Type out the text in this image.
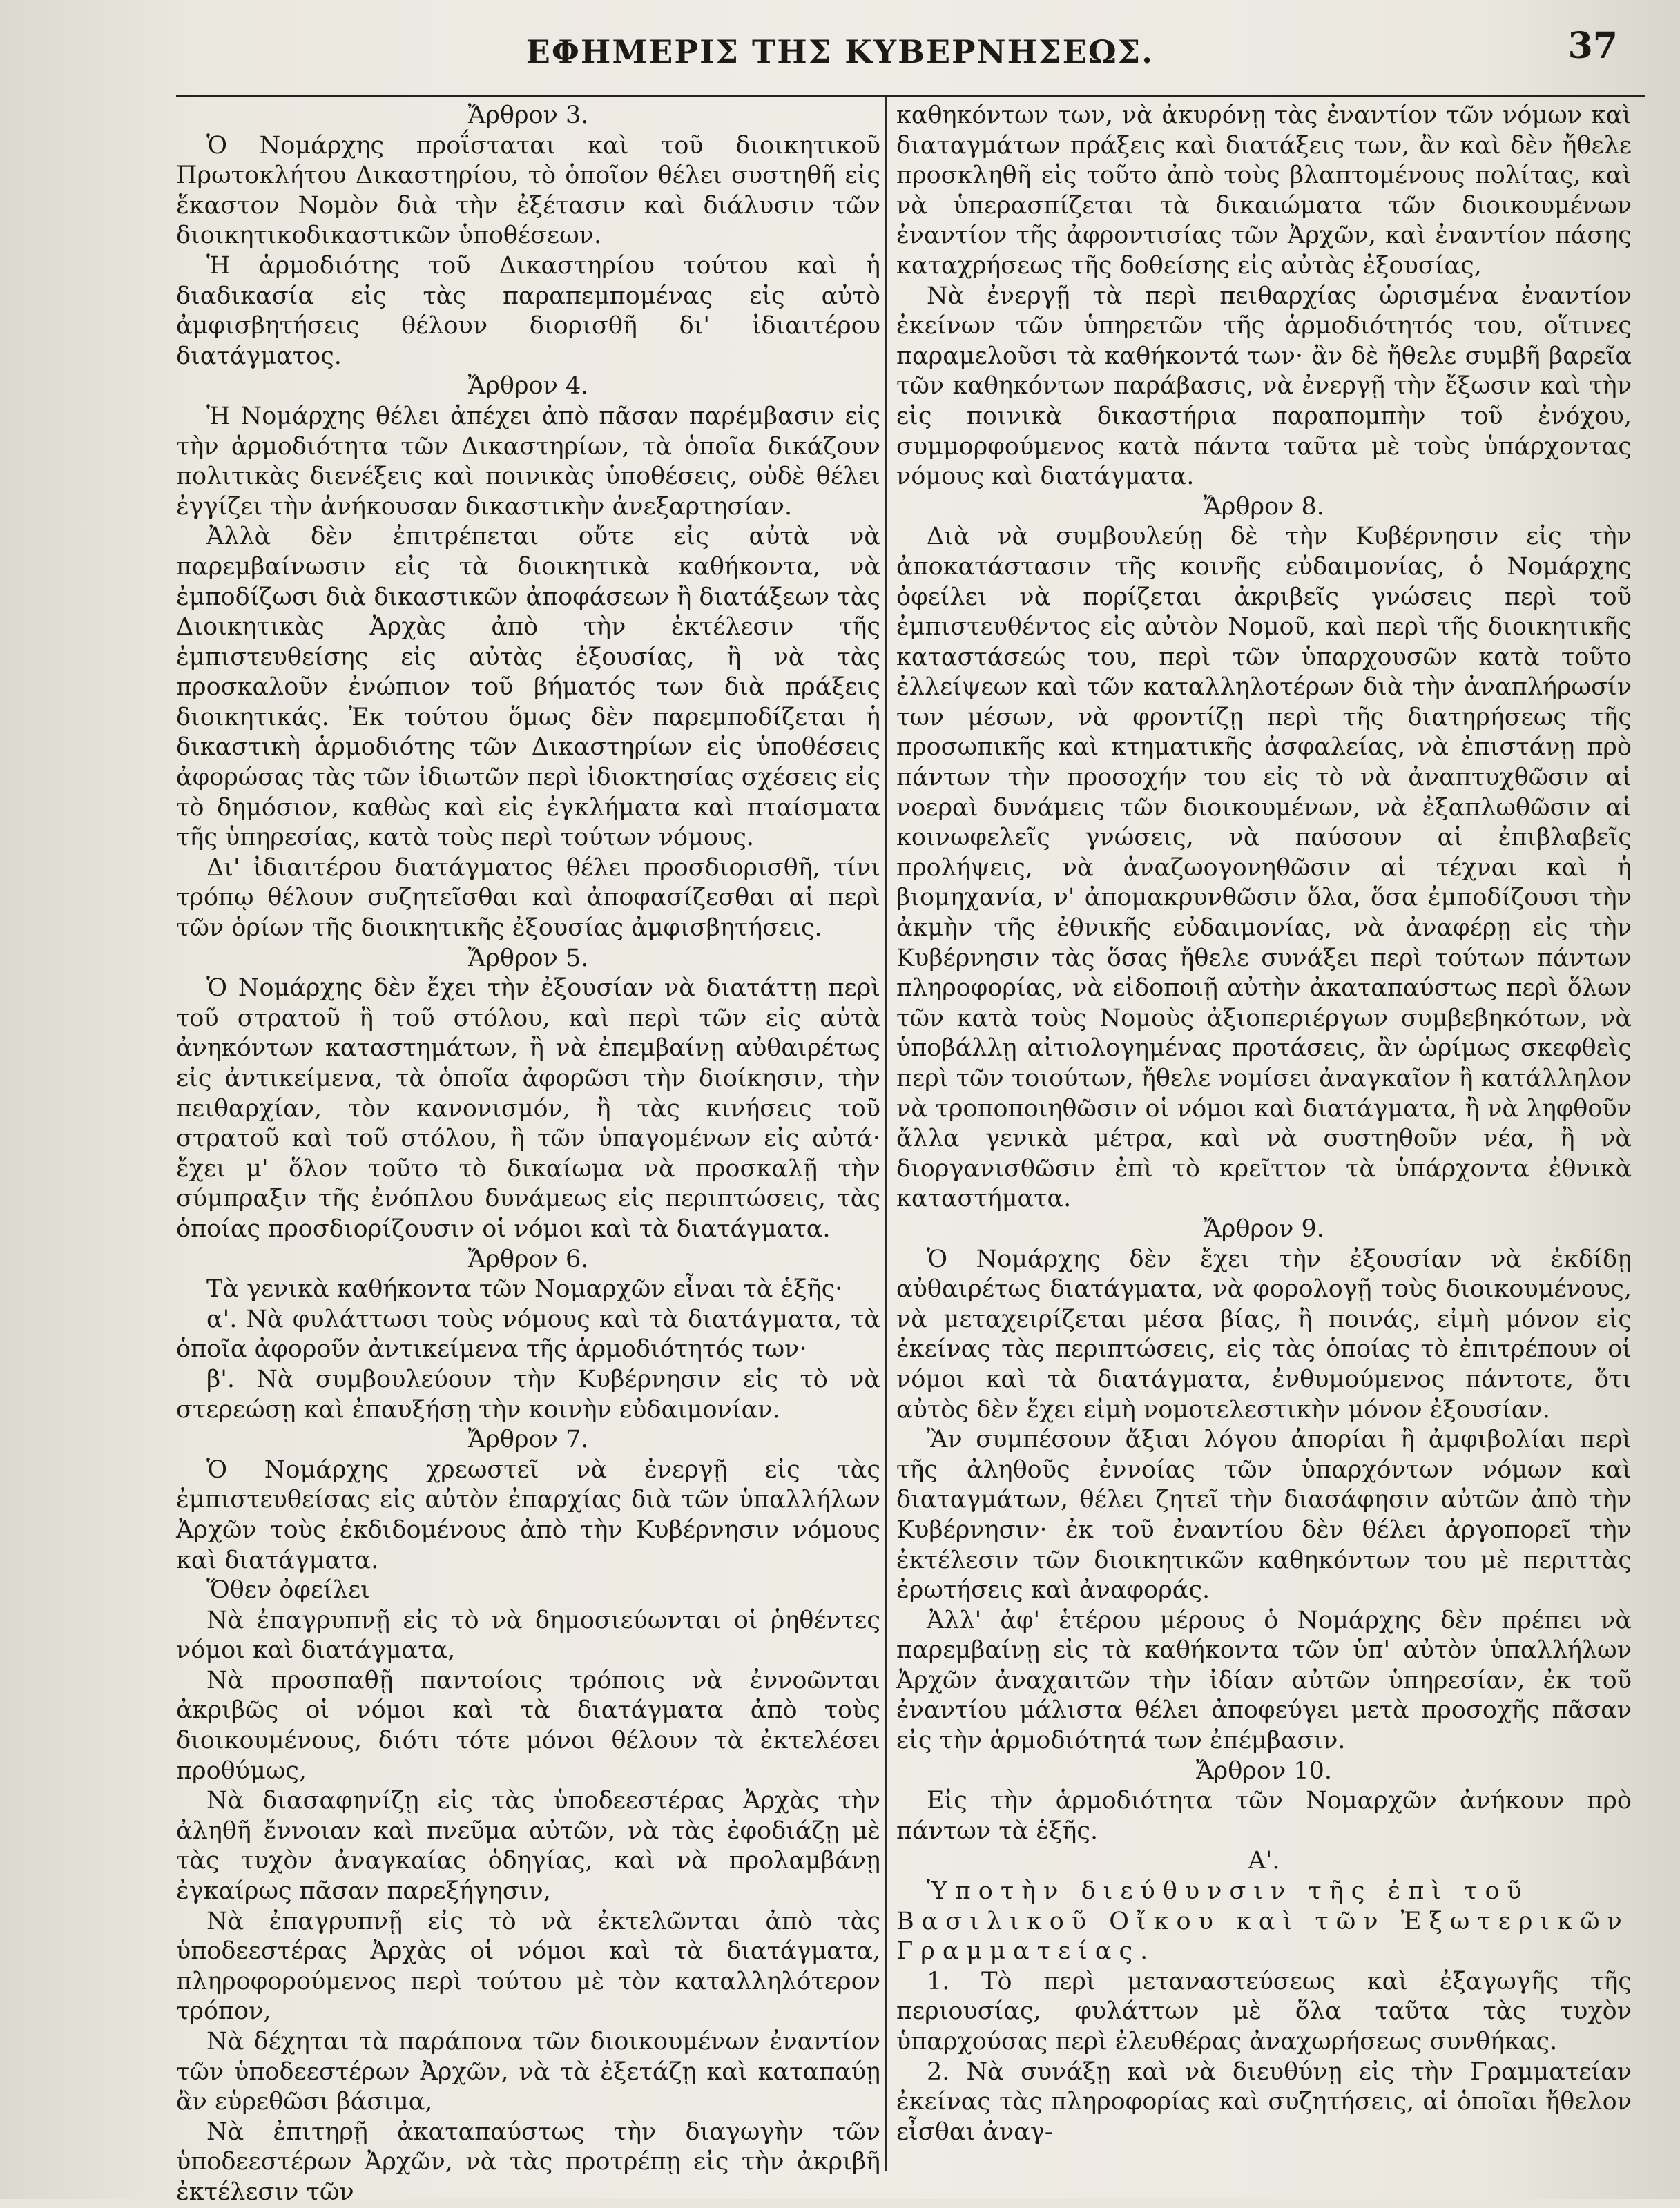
ΕΦΗΜΕΡΙΣ ΤΗΣ ΚΥΒΕΡΝΗΣΕΩΣ.	37

Ἄρθρον 3.

Ὁ Νομάρχης προΐσταται καὶ τοῦ διοικητικοῦ Πρωτοκλήτου Δικαστηρίου, τὸ ὁποῖον θέλει συστηθῆ εἰς ἕκαστον Νομὸν διὰ τὴν ἐξέτασιν καὶ διάλυσιν τῶν διοικητικοδικαστικῶν ὑποθέσεων.

Ἡ ἁρμοδιότης τοῦ Δικαστηρίου τούτου καὶ ἡ διαδικασία εἰς τὰς παραπεμπομένας εἰς αὐτὸ ἀμφισβητήσεις θέλουν διορισθῆ δι' ἰδιαιτέρου διατάγματος.

Ἄρθρον 4.

Ἡ Νομάρχης θέλει ἀπέχει ἀπὸ πᾶσαν παρέμβασιν εἰς τὴν ἁρμοδιότητα τῶν Δικαστηρίων, τὰ ὁποῖα δικάζουν πολιτικὰς διενέξεις καὶ ποινικὰς ὑποθέσεις, οὐδὲ θέλει ἐγγίζει τὴν ἀνήκουσαν δικαστικὴν ἀνεξαρτησίαν.

Ἀλλὰ δὲν ἐπιτρέπεται οὔτε εἰς αὐτὰ νὰ παρεμβαίνωσιν εἰς τὰ διοικητικὰ καθήκοντα, νὰ ἐμποδίζωσι διὰ δικαστικῶν ἀποφάσεων ἢ διατάξεων τὰς Διοικητικὰς Ἀρχὰς ἀπὸ τὴν ἐκτέλεσιν τῆς ἐμπιστευθείσης εἰς αὐτὰς ἐξουσίας, ἢ νὰ τὰς προσκαλοῦν ἐνώπιον τοῦ βήματός των διὰ πράξεις διοικητικάς. Ἐκ τούτου ὅμως δὲν παρεμποδίζεται ἡ δικαστικὴ ἁρμοδιότης τῶν Δικαστηρίων εἰς ὑποθέσεις ἀφορώσας τὰς τῶν ἰδιωτῶν περὶ ἰδιοκτησίας σχέσεις εἰς τὸ δημόσιον, καθὼς καὶ εἰς ἐγκλήματα καὶ πταίσματα τῆς ὑπηρεσίας, κατὰ τοὺς περὶ τούτων νόμους.

Δι' ἰδιαιτέρου διατάγματος θέλει προσδιορισθῆ, τίνι τρόπῳ θέλουν συζητεῖσθαι καὶ ἀποφασίζεσθαι αἱ περὶ τῶν ὁρίων τῆς διοικητικῆς ἐξουσίας ἀμφισβητήσεις.

Ἄρθρον 5.

Ὁ Νομάρχης δὲν ἔχει τὴν ἐξουσίαν νὰ διατάττῃ περὶ τοῦ στρατοῦ ἢ τοῦ στόλου, καὶ περὶ τῶν εἰς αὐτὰ ἀνηκόντων καταστημάτων, ἢ νὰ ἐπεμβαίνῃ αὐθαιρέτως εἰς ἀντικείμενα, τὰ ὁποῖα ἀφορῶσι τὴν διοίκησιν, τὴν πειθαρχίαν, τὸν κανονισμόν, ἢ τὰς κινήσεις τοῦ στρατοῦ καὶ τοῦ στόλου, ἢ τῶν ὑπαγομένων εἰς αὐτά· ἔχει μ' ὅλον τοῦτο τὸ δικαίωμα νὰ προσκαλῇ τὴν σύμπραξιν τῆς ἐνόπλου δυνάμεως εἰς περιπτώσεις, τὰς ὁποίας προσδιορίζουσιν οἱ νόμοι καὶ τὰ διατάγματα.

Ἄρθρον 6.

Τὰ γενικὰ καθήκοντα τῶν Νομαρχῶν εἶναι τὰ ἑξῆς·

α'. Νὰ φυλάττωσι τοὺς νόμους καὶ τὰ διατάγματα, τὰ ὁποῖα ἀφοροῦν ἀντικείμενα τῆς ἁρμοδιότητός των·

β'. Νὰ συμβουλεύουν τὴν Κυβέρνησιν εἰς τὸ νὰ στερεώσῃ καὶ ἐπαυξήσῃ τὴν κοινὴν εὐδαιμονίαν.

Ἄρθρον 7.

Ὁ Νομάρχης χρεωστεῖ νὰ ἐνεργῇ εἰς τὰς ἐμπιστευθείσας εἰς αὐτὸν ἐπαρχίας διὰ τῶν ὑπαλλήλων Ἀρχῶν τοὺς ἐκδιδομένους ἀπὸ τὴν Κυβέρνησιν νόμους καὶ διατάγματα.

Ὅθεν ὀφείλει

Νὰ ἐπαγρυπνῇ εἰς τὸ νὰ δημοσιεύωνται οἱ ῥηθέντες νόμοι καὶ διατάγματα,

Νὰ προσπαθῇ παντοίοις τρόποις νὰ ἐννοῶνται ἀκριβῶς οἱ νόμοι καὶ τὰ διατάγματα ἀπὸ τοὺς διοικουμένους, διότι τότε μόνοι θέλουν τὰ ἐκτελέσει προθύμως,

Νὰ διασαφηνίζῃ εἰς τὰς ὑποδεεστέρας Ἀρχὰς τὴν ἀληθῆ ἔννοιαν καὶ πνεῦμα αὐτῶν, νὰ τὰς ἐφοδιάζῃ μὲ τὰς τυχὸν ἀναγκαίας ὁδηγίας, καὶ νὰ προλαμβάνῃ ἐγκαίρως πᾶσαν παρεξήγησιν,

Νὰ ἐπαγρυπνῇ εἰς τὸ νὰ ἐκτελῶνται ἀπὸ τὰς ὑποδεεστέρας Ἀρχὰς οἱ νόμοι καὶ τὰ διατάγματα, πληροφορούμενος περὶ τούτου μὲ τὸν καταλληλότερον τρόπον,

Νὰ δέχηται τὰ παράπονα τῶν διοικουμένων ἐναντίον τῶν ὑποδεεστέρων Ἀρχῶν, νὰ τὰ ἐξετάζῃ καὶ καταπαύῃ ἂν εὑρεθῶσι βάσιμα,

Νὰ ἐπιτηρῇ ἀκαταπαύστως τὴν διαγωγὴν τῶν ὑποδεεστέρων Ἀρχῶν, νὰ τὰς προτρέπῃ εἰς τὴν ἀκριβῆ ἐκτέλεσιν τῶν

καθηκόντων των, νὰ ἀκυρόνῃ τὰς ἐναντίον τῶν νόμων καὶ διαταγμάτων πράξεις καὶ διατάξεις των, ἂν καὶ δὲν ἤθελε προσκληθῆ εἰς τοῦτο ἀπὸ τοὺς βλαπτομένους πολίτας, καὶ νὰ ὑπερασπίζεται τὰ δικαιώματα τῶν διοικουμένων ἐναντίον τῆς ἀφροντισίας τῶν Ἀρχῶν, καὶ ἐναντίον πάσης καταχρήσεως τῆς δοθείσης εἰς αὐτὰς ἐξουσίας,

Νὰ ἐνεργῇ τὰ περὶ πειθαρχίας ὡρισμένα ἐναντίον ἐκείνων τῶν ὑπηρετῶν τῆς ἁρμοδιότητός του, οἵτινες παραμελοῦσι τὰ καθήκοντά των· ἂν δὲ ἤθελε συμβῆ βαρεῖα τῶν καθηκόντων παράβασις, νὰ ἐνεργῇ τὴν ἔξωσιν καὶ τὴν εἰς ποινικὰ δικαστήρια παραπομπὴν τοῦ ἐνόχου, συμμορφούμενος κατὰ πάντα ταῦτα μὲ τοὺς ὑπάρχοντας νόμους καὶ διατάγματα.

Ἄρθρον 8.

Διὰ νὰ συμβουλεύῃ δὲ τὴν Κυβέρνησιν εἰς τὴν ἀποκατάστασιν τῆς κοινῆς εὐδαιμονίας, ὁ Νομάρχης ὀφείλει νὰ πορίζεται ἀκριβεῖς γνώσεις περὶ τοῦ ἐμπιστευθέντος εἰς αὐτὸν Νομοῦ, καὶ περὶ τῆς διοικητικῆς καταστάσεώς του, περὶ τῶν ὑπαρχουσῶν κατὰ τοῦτο ἐλλείψεων καὶ τῶν καταλληλοτέρων διὰ τὴν ἀναπλήρωσίν των μέσων, νὰ φροντίζῃ περὶ τῆς διατηρήσεως τῆς προσωπικῆς καὶ κτηματικῆς ἀσφαλείας, νὰ ἐπιστάνῃ πρὸ πάντων τὴν προσοχήν του εἰς τὸ νὰ ἀναπτυχθῶσιν αἱ νοεραὶ δυνάμεις τῶν διοικουμένων, νὰ ἐξαπλωθῶσιν αἱ κοινωφελεῖς γνώσεις, νὰ παύσουν αἱ ἐπιβλαβεῖς προλήψεις, νὰ ἀναζωογονηθῶσιν αἱ τέχναι καὶ ἡ βιομηχανία, ν' ἀπομακρυνθῶσιν ὅλα, ὅσα ἐμποδίζουσι τὴν ἀκμὴν τῆς ἐθνικῆς εὐδαιμονίας, νὰ ἀναφέρῃ εἰς τὴν Κυβέρνησιν τὰς ὅσας ἤθελε συνάξει περὶ τούτων πάντων πληροφορίας, νὰ εἰδοποιῇ αὐτὴν ἀκαταπαύστως περὶ ὅλων τῶν κατὰ τοὺς Νομοὺς ἀξιοπεριέργων συμβεβηκότων, νὰ ὑποβάλλῃ αἰτιολογημένας προτάσεις, ἂν ὡρίμως σκεφθεὶς περὶ τῶν τοιούτων, ἤθελε νομίσει ἀναγκαῖον ἢ κατάλληλον νὰ τροποποιηθῶσιν οἱ νόμοι καὶ διατάγματα, ἢ νὰ ληφθοῦν ἄλλα γενικὰ μέτρα, καὶ νὰ συστηθοῦν νέα, ἢ νὰ διοργανισθῶσιν ἐπὶ τὸ κρεῖττον τὰ ὑπάρχοντα ἐθνικὰ καταστήματα.

Ἄρθρον 9.

Ὁ Νομάρχης δὲν ἔχει τὴν ἐξουσίαν νὰ ἐκδίδῃ αὐθαιρέτως διατάγματα, νὰ φορολογῇ τοὺς διοικουμένους, νὰ μεταχειρίζεται μέσα βίας, ἢ ποινάς, εἰμὴ μόνον εἰς ἐκείνας τὰς περιπτώσεις, εἰς τὰς ὁποίας τὸ ἐπιτρέπουν οἱ νόμοι καὶ τὰ διατάγματα, ἐνθυμούμενος πάντοτε, ὅτι αὐτὸς δὲν ἔχει εἰμὴ νομοτελεστικὴν μόνον ἐξουσίαν.

Ἂν συμπέσουν ἄξιαι λόγου ἀπορίαι ἢ ἀμφιβολίαι περὶ τῆς ἀληθοῦς ἐννοίας τῶν ὑπαρχόντων νόμων καὶ διαταγμάτων, θέλει ζητεῖ τὴν διασάφησιν αὐτῶν ἀπὸ τὴν Κυβέρνησιν· ἐκ τοῦ ἐναντίου δὲν θέλει ἀργοπορεῖ τὴν ἐκτέλεσιν τῶν διοικητικῶν καθηκόντων του μὲ περιττὰς ἐρωτήσεις καὶ ἀναφοράς.

Ἀλλ' ἀφ' ἑτέρου μέρους ὁ Νομάρχης δὲν πρέπει νὰ παρεμβαίνῃ εἰς τὰ καθήκοντα τῶν ὑπ' αὐτὸν ὑπαλλήλων Ἀρχῶν ἀναχαιτῶν τὴν ἰδίαν αὐτῶν ὑπηρεσίαν, ἐκ τοῦ ἐναντίου μάλιστα θέλει ἀποφεύγει μετὰ προσοχῆς πᾶσαν εἰς τὴν ἁρμοδιότητά των ἐπέμβασιν.

Ἄρθρον 10.

Εἰς τὴν ἁρμοδιότητα τῶν Νομαρχῶν ἀνήκουν πρὸ πάντων τὰ ἑξῆς.

Α'.

Ὑποτὴν διεύθυνσιν τῆς ἐπὶ τοῦ Βασιλικοῦ Οἴκου καὶ τῶν Ἐξωτερικῶν Γραμματείας.

1. Τὸ περὶ μεταναστεύσεως καὶ ἐξαγωγῆς τῆς περιουσίας, φυλάττων μὲ ὅλα ταῦτα τὰς τυχὸν ὑπαρχούσας περὶ ἐλευθέρας ἀναχωρήσεως συνθήκας.

2. Νὰ συνάξῃ καὶ νὰ διευθύνῃ εἰς τὴν Γραμματείαν ἐκείνας τὰς πληροφορίας καὶ συζητήσεις, αἱ ὁποῖαι ἤθελον εἶσθαι ἀναγ-
